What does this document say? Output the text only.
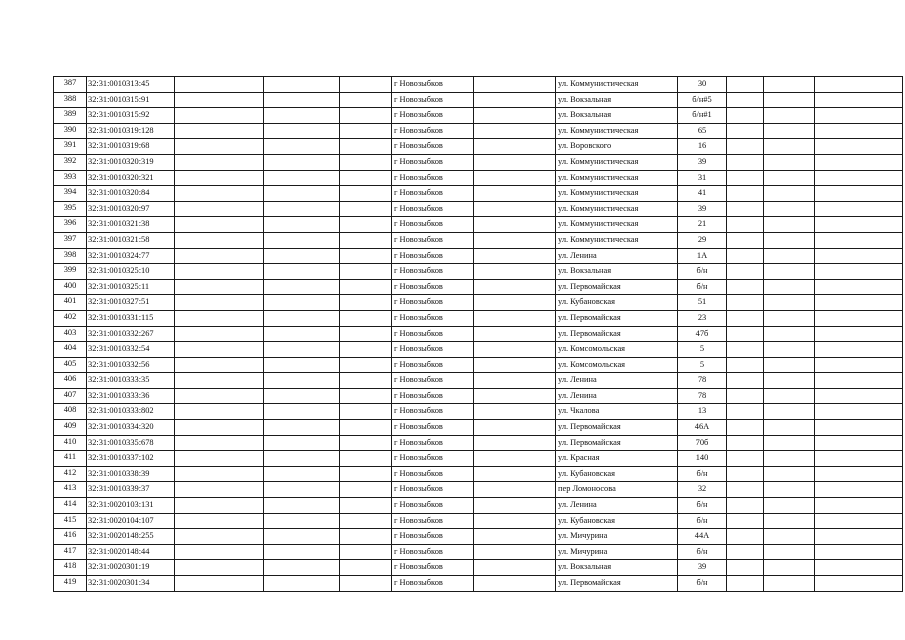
387	32:31:0010313:45				г Новозыбков		ул. Коммунистическая	30			
388	32:31:0010315:91				г Новозыбков		ул. Вокзальная	б/н#5			
389	32:31:0010315:92				г Новозыбков		ул. Вокзальная	б/н#1			
390	32:31:0010319:128				г Новозыбков		ул. Коммунистическая	65			
391	32:31:0010319:68				г Новозыбков		ул. Воровского	16			
392	32:31:0010320:319				г Новозыбков		ул. Коммунистическая	39			
393	32:31:0010320:321				г Новозыбков		ул. Коммунистическая	31			
394	32:31:0010320:84				г Новозыбков		ул. Коммунистическая	41			
395	32:31:0010320:97				г Новозыбков		ул. Коммунистическая	39			
396	32:31:0010321:38				г Новозыбков		ул. Коммунистическая	21			
397	32:31:0010321:58				г Новозыбков		ул. Коммунистическая	29			
398	32:31:0010324:77				г Новозыбков		ул. Ленина	1А			
399	32:31:0010325:10				г Новозыбков		ул. Вокзальная	б/н			
400	32:31:0010325:11				г Новозыбков		ул. Первомайская	б/н			
401	32:31:0010327:51				г Новозыбков		ул. Кубановская	51			
402	32:31:0010331:115				г Новозыбков		ул. Первомайская	23			
403	32:31:0010332:267				г Новозыбков		ул. Первомайская	47б			
404	32:31:0010332:54				г Новозыбков		ул. Комсомольская	5			
405	32:31:0010332:56				г Новозыбков		ул. Комсомольская	5			
406	32:31:0010333:35				г Новозыбков		ул. Ленина	78			
407	32:31:0010333:36				г Новозыбков		ул. Ленина	78			
408	32:31:0010333:802				г Новозыбков		ул. Чкалова	13			
409	32:31:0010334:320				г Новозыбков		ул. Первомайская	46А			
410	32:31:0010335:678				г Новозыбков		ул. Первомайская	70б			
411	32:31:0010337:102				г Новозыбков		ул. Красная	140			
412	32:31:0010338:39				г Новозыбков		ул. Кубановская	б/н			
413	32:31:0010339:37				г Новозыбков		пер Ломоносова	32			
414	32:31:0020103:131				г Новозыбков		ул. Ленина	б/н			
415	32:31:0020104:107				г Новозыбков		ул. Кубановская	б/н			
416	32:31:0020148:255				г Новозыбков		ул. Мичурина	44А			
417	32:31:0020148:44				г Новозыбков		ул. Мичурина	б/н			
418	32:31:0020301:19				г Новозыбков		ул. Вокзальная	39			
419	32:31:0020301:34				г Новозыбков		ул. Первомайская	б/н			
